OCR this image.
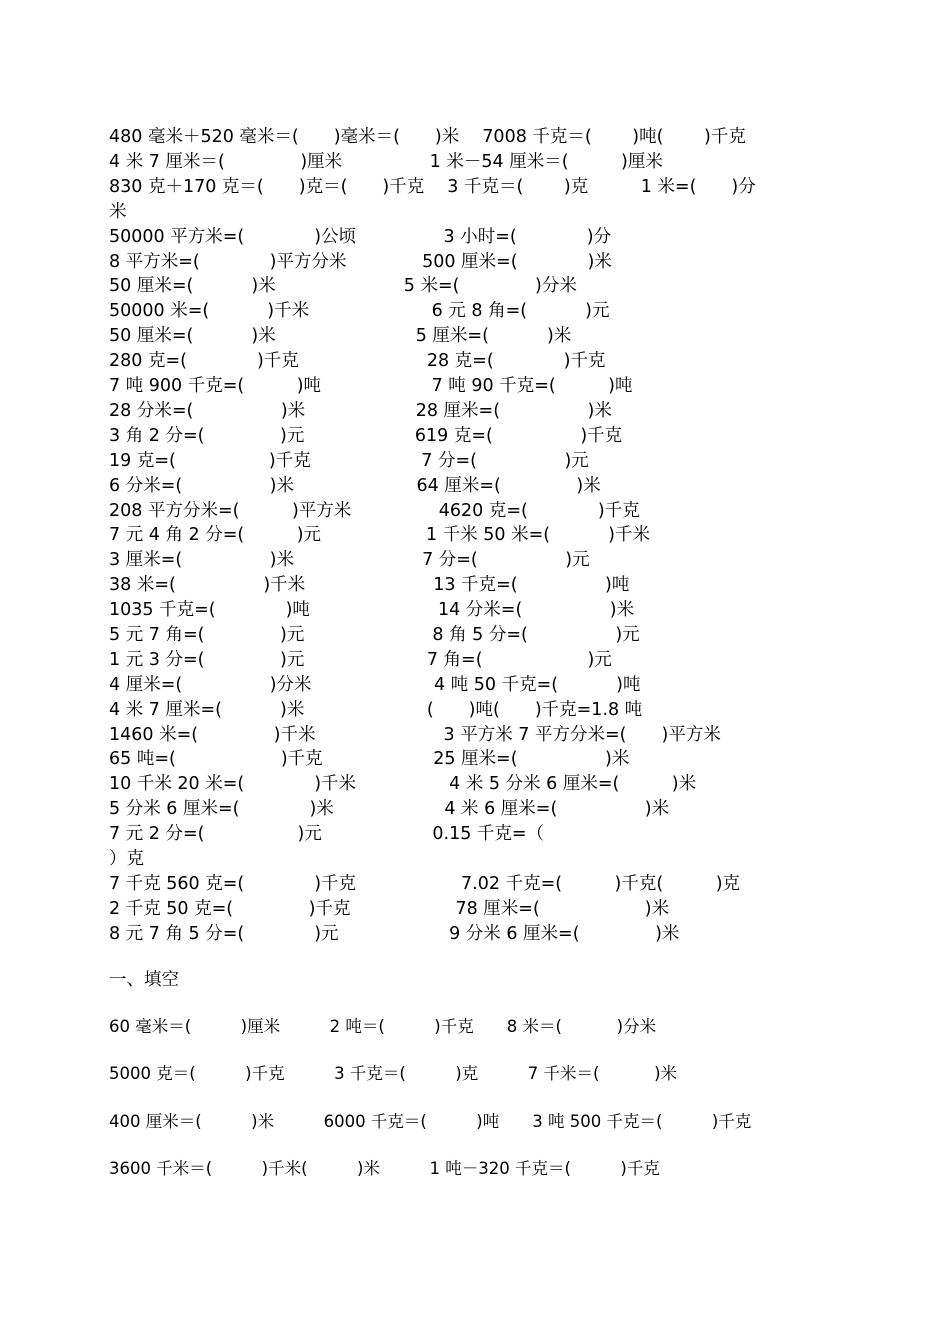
480 毫米＋520 毫米＝(　　)毫米＝(　　)米　 7008 千克＝(　　 )吨(　　 )千克
4 米 7 厘米＝(　　　　 )厘米　　　　　1 米－54 厘米＝(　　　)厘米
830 克＋170 克＝(　　)克＝(　　)千克　 3 千克＝(　　 )克　　　1 米=(　　)分
米
50000 平方米=(　　　　)公顷　　　　　3 小时=(　　　　)分
8 平方米=(　　　　)平方分米　　　　 500 厘米=(　　　　)米
50 厘米=(　　　 )米　　　　　　　 5 米=(　　　　 )分米
50000 米=(　　　 )千米　　　　　　　6 元 8 角=(　　　 )元
50 厘米=(　　　 )米　　　　　　　　5 厘米=(　　　 )米
280 克=(　　　　)千克　　　　　　　 28 克=(　　　　)千克
7 吨 900 千克=(　　　)吨　　　　　　 7 吨 90 千克=(　　　)吨
28 分米=(　　　　　)米　　　　　　 28 厘米=(　　　　　)米
3 角 2 分=(　　　　 )元　　　　　　 619 克=(　　　　　)千克
19 克=(　　　　　 )千克　　　　　　 7 分=(　　　　　)元
6 分米=(　　　　　)米　　　　　　　64 厘米=(　　　　 )米
208 平方分米=(　　　)平方米　　　　　4620 克=(　　　　)千克
7 元 4 角 2 分=(　　　)元　　　　　　1 千米 50 米=(　　　 )千米
3 厘米=(　　　　　)米　　　　　　　 7 分=(　　　　　)元
38 米=(　　　　　)千米　　　　　　　 13 千克=(　　　　　)吨
1035 千克=(　　　　)吨　　　　　　　 14 分米=(　　　　　)米
5 元 7 角=(　　　　 )元　　　　　　　 8 角 5 分=(　　　　　)元
1 元 3 分=(　　　　 )元　　　　　　　7 角=(　　　　　　)元
4 厘米=(　　　　　)分米　　　　　　　4 吨 50 千克=(　　　 )吨
4 米 7 厘米=(　　　 )米　　　　　　　(　　)吨(　　)千克=1.8 吨
1460 米=(　　　　 )千米　　　　　　　 3 平方米 7 平方分米=(　　)平方米
65 吨=(　　　　　　)千克　　　　　　 25 厘米=(　　　　　)米
10 千米 20 米=(　　　　)千米　　　　　 4 米 5 分米 6 厘米=(　　　)米
5 分米 6 厘米=(　　　　)米　　　　　　 4 米 6 厘米=(　　　　　)米
7 元 2 分=(　　　　　 )元　　　　　　 0.15 千克=（
）克
7 千克 560 克=(　　　　)千克　　　　　　7.02 千克=(　　　)千克(　　　)克
2 千克 50 克=(　　　　 )千克　　　　　　78 厘米=(　　　　　　)米
8 元 7 角 5 分=(　　　　)元　　　　　　 9 分米 6 厘米=(　　　　 )米
一、填空
60 毫米＝(　　　)厘米　　　2 吨＝(　　　)千克　　8 米＝(　　　 )分米
5000 克＝(　　　)千克　　　3 千克＝(　　　)克　　　7 千米＝(　　　 )米
400 厘米＝(　　　)米　　　6000 千克＝(　　　)吨　　3 吨 500 千克＝(　　　)千克
3600 千米＝(　　　)千米(　　　)米　　　1 吨－320 千克＝(　　　)千克
